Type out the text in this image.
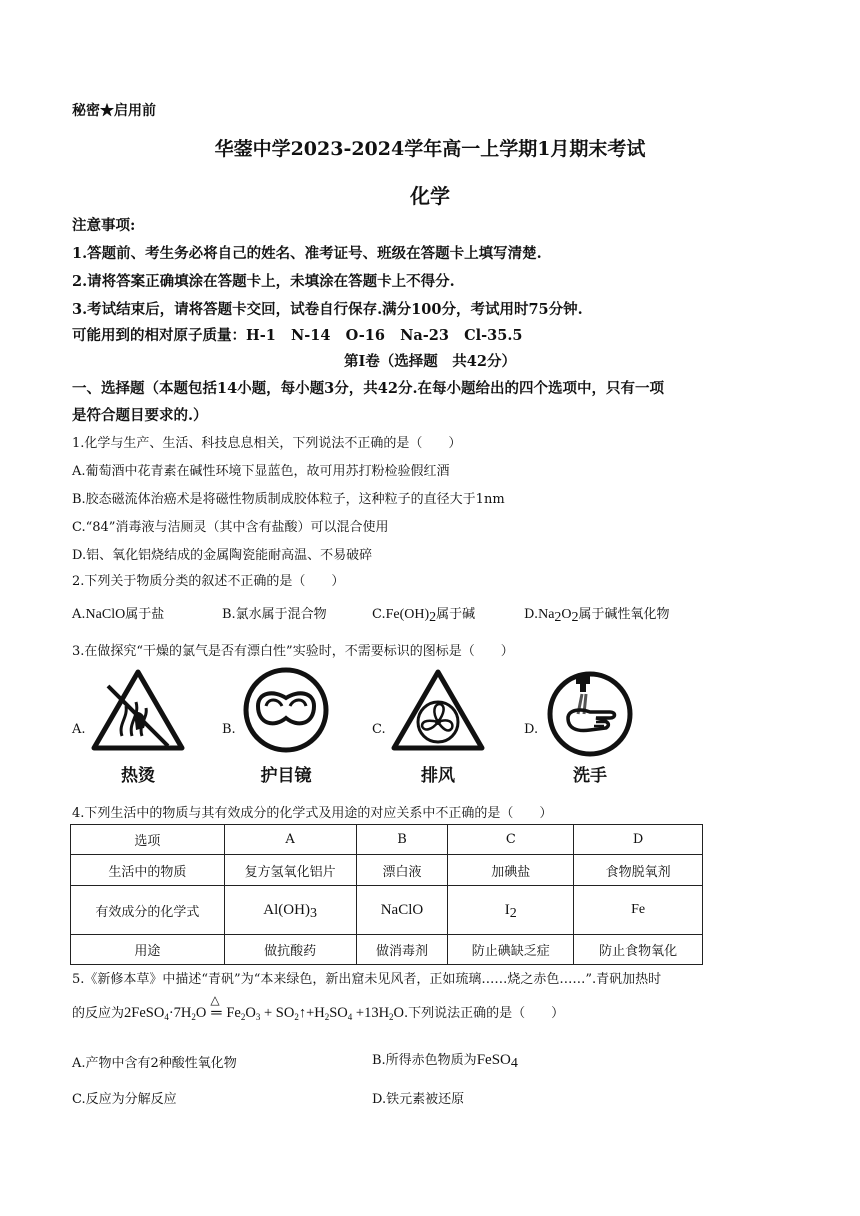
秘密★启用前
华蓥中学2023-2024学年高一上学期1月期末考试
化学
注意事项:
1.答题前、考生务必将自己的姓名、准考证号、班级在答题卡上填写清楚.
2.请将答案正确填涂在答题卡上，未填涂在答题卡上不得分.
3.考试结束后，请将答题卡交回，试卷自行保存.满分100分，考试用时75分钟.
可能用到的相对原子质量：H-1 N-14 O-16 Na-23 Cl-35.5
第Ⅰ卷（选择题　共42分）
一、选择题（本题包括14小题，每小题3分，共42分.在每小题给出的四个选项中，只有一项
是符合题目要求的.）
1.化学与生产、生活、科技息息相关，下列说法不正确的是（　　）
A.葡萄酒中花青素在碱性环境下显蓝色，故可用苏打粉检验假红酒
B.胶态磁流体治癌术是将磁性物质制成胶体粒子，这种粒子的直径大于1nm
C.“84”消毒液与洁厕灵（其中含有盐酸）可以混合使用
D.铝、氧化铝烧结成的金属陶瓷能耐高温、不易破碎
2.下列关于物质分类的叙述不正确的是（　　）
A.NaClO属于盐	B.氯水属于混合物	$C.Fe(OH)_2$属于碱	$D.Na_2O_2$属于碱性氧化物
3.在做探究“干燥的氯气是否有漂白性”实验时，不需要标识的图标是（　　）
A.
热烫
B.
护目镜
C.
排风
D.
洗手
4.下列生活中的物质与其有效成分的化学式及用途的对应关系中不正确的是（　　）
选项	A	B	C	D
生活中的物质	复方氢氧化铝片	漂白液	加碘盐	食物脱氧剂
有效成分的化学式	$Al(OH)_3$	NaClO	$I_2$	Fe
用途	做抗酸药	做消毒剂	防止碘缺乏症	防止食物氧化
5.《新修本草》中描述“青矾”为“本来绿色，新出窟未见风者，正如琉璃……烧之赤色……”.青矾加热时
的反应为$2FeSO_4\cdot 7H_2O$
△
═ $Fe_2O_3$ + $SO_2↑+H_2SO_4 +13H_2O$.下列说法正确的是（　　）
A.产物中含有2种酸性氧化物	B.所得赤色物质为FeSO$_4$
C.反应为分解反应	D.铁元素被还原
